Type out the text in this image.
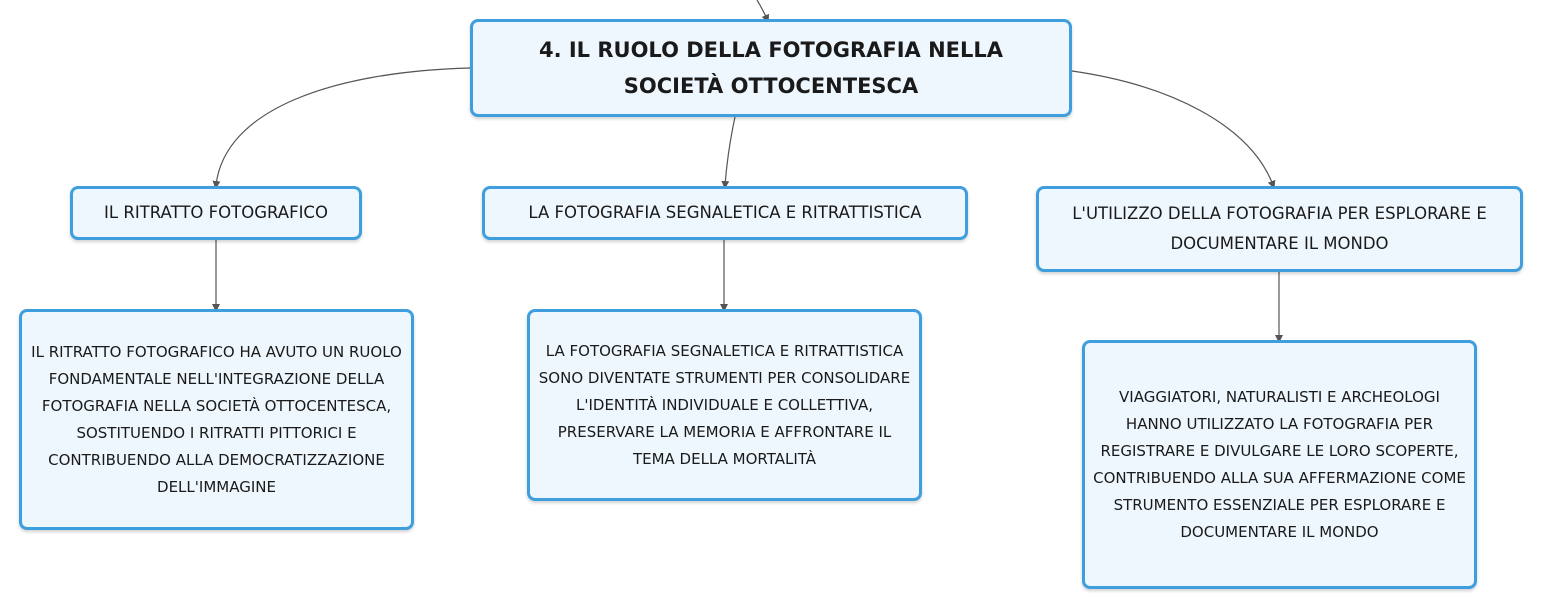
4. IL RUOLO DELLA FOTOGRAFIA NELLA SOCIETÀ OTTOCENTESCA
IL RITRATTO FOTOGRAFICO	LA FOTOGRAFIA SEGNALETICA E RITRATTISTICA	L'UTILIZZO DELLA FOTOGRAFIA PER ESPLORARE E DOCUMENTARE IL MONDO
IL RITRATTO FOTOGRAFICO HA AVUTO UN RUOLO FONDAMENTALE NELL'INTEGRAZIONE DELLA FOTOGRAFIA NELLA SOCIETÀ OTTOCENTESCA, SOSTITUENDO I RITRATTI PITTORICI E CONTRIBUENDO ALLA DEMOCRATIZZAZIONE DELL'IMMAGINE
LA FOTOGRAFIA SEGNALETICA E RITRATTISTICA SONO DIVENTATE STRUMENTI PER CONSOLIDARE L'IDENTITÀ INDIVIDUALE E COLLETTIVA, PRESERVARE LA MEMORIA E AFFRONTARE IL TEMA DELLA MORTALITÀ
VIAGGIATORI, NATURALISTI E ARCHEOLOGI HANNO UTILIZZATO LA FOTOGRAFIA PER REGISTRARE E DIVULGARE LE LORO SCOPERTE, CONTRIBUENDO ALLA SUA AFFERMAZIONE COME STRUMENTO ESSENZIALE PER ESPLORARE E DOCUMENTARE IL MONDO
